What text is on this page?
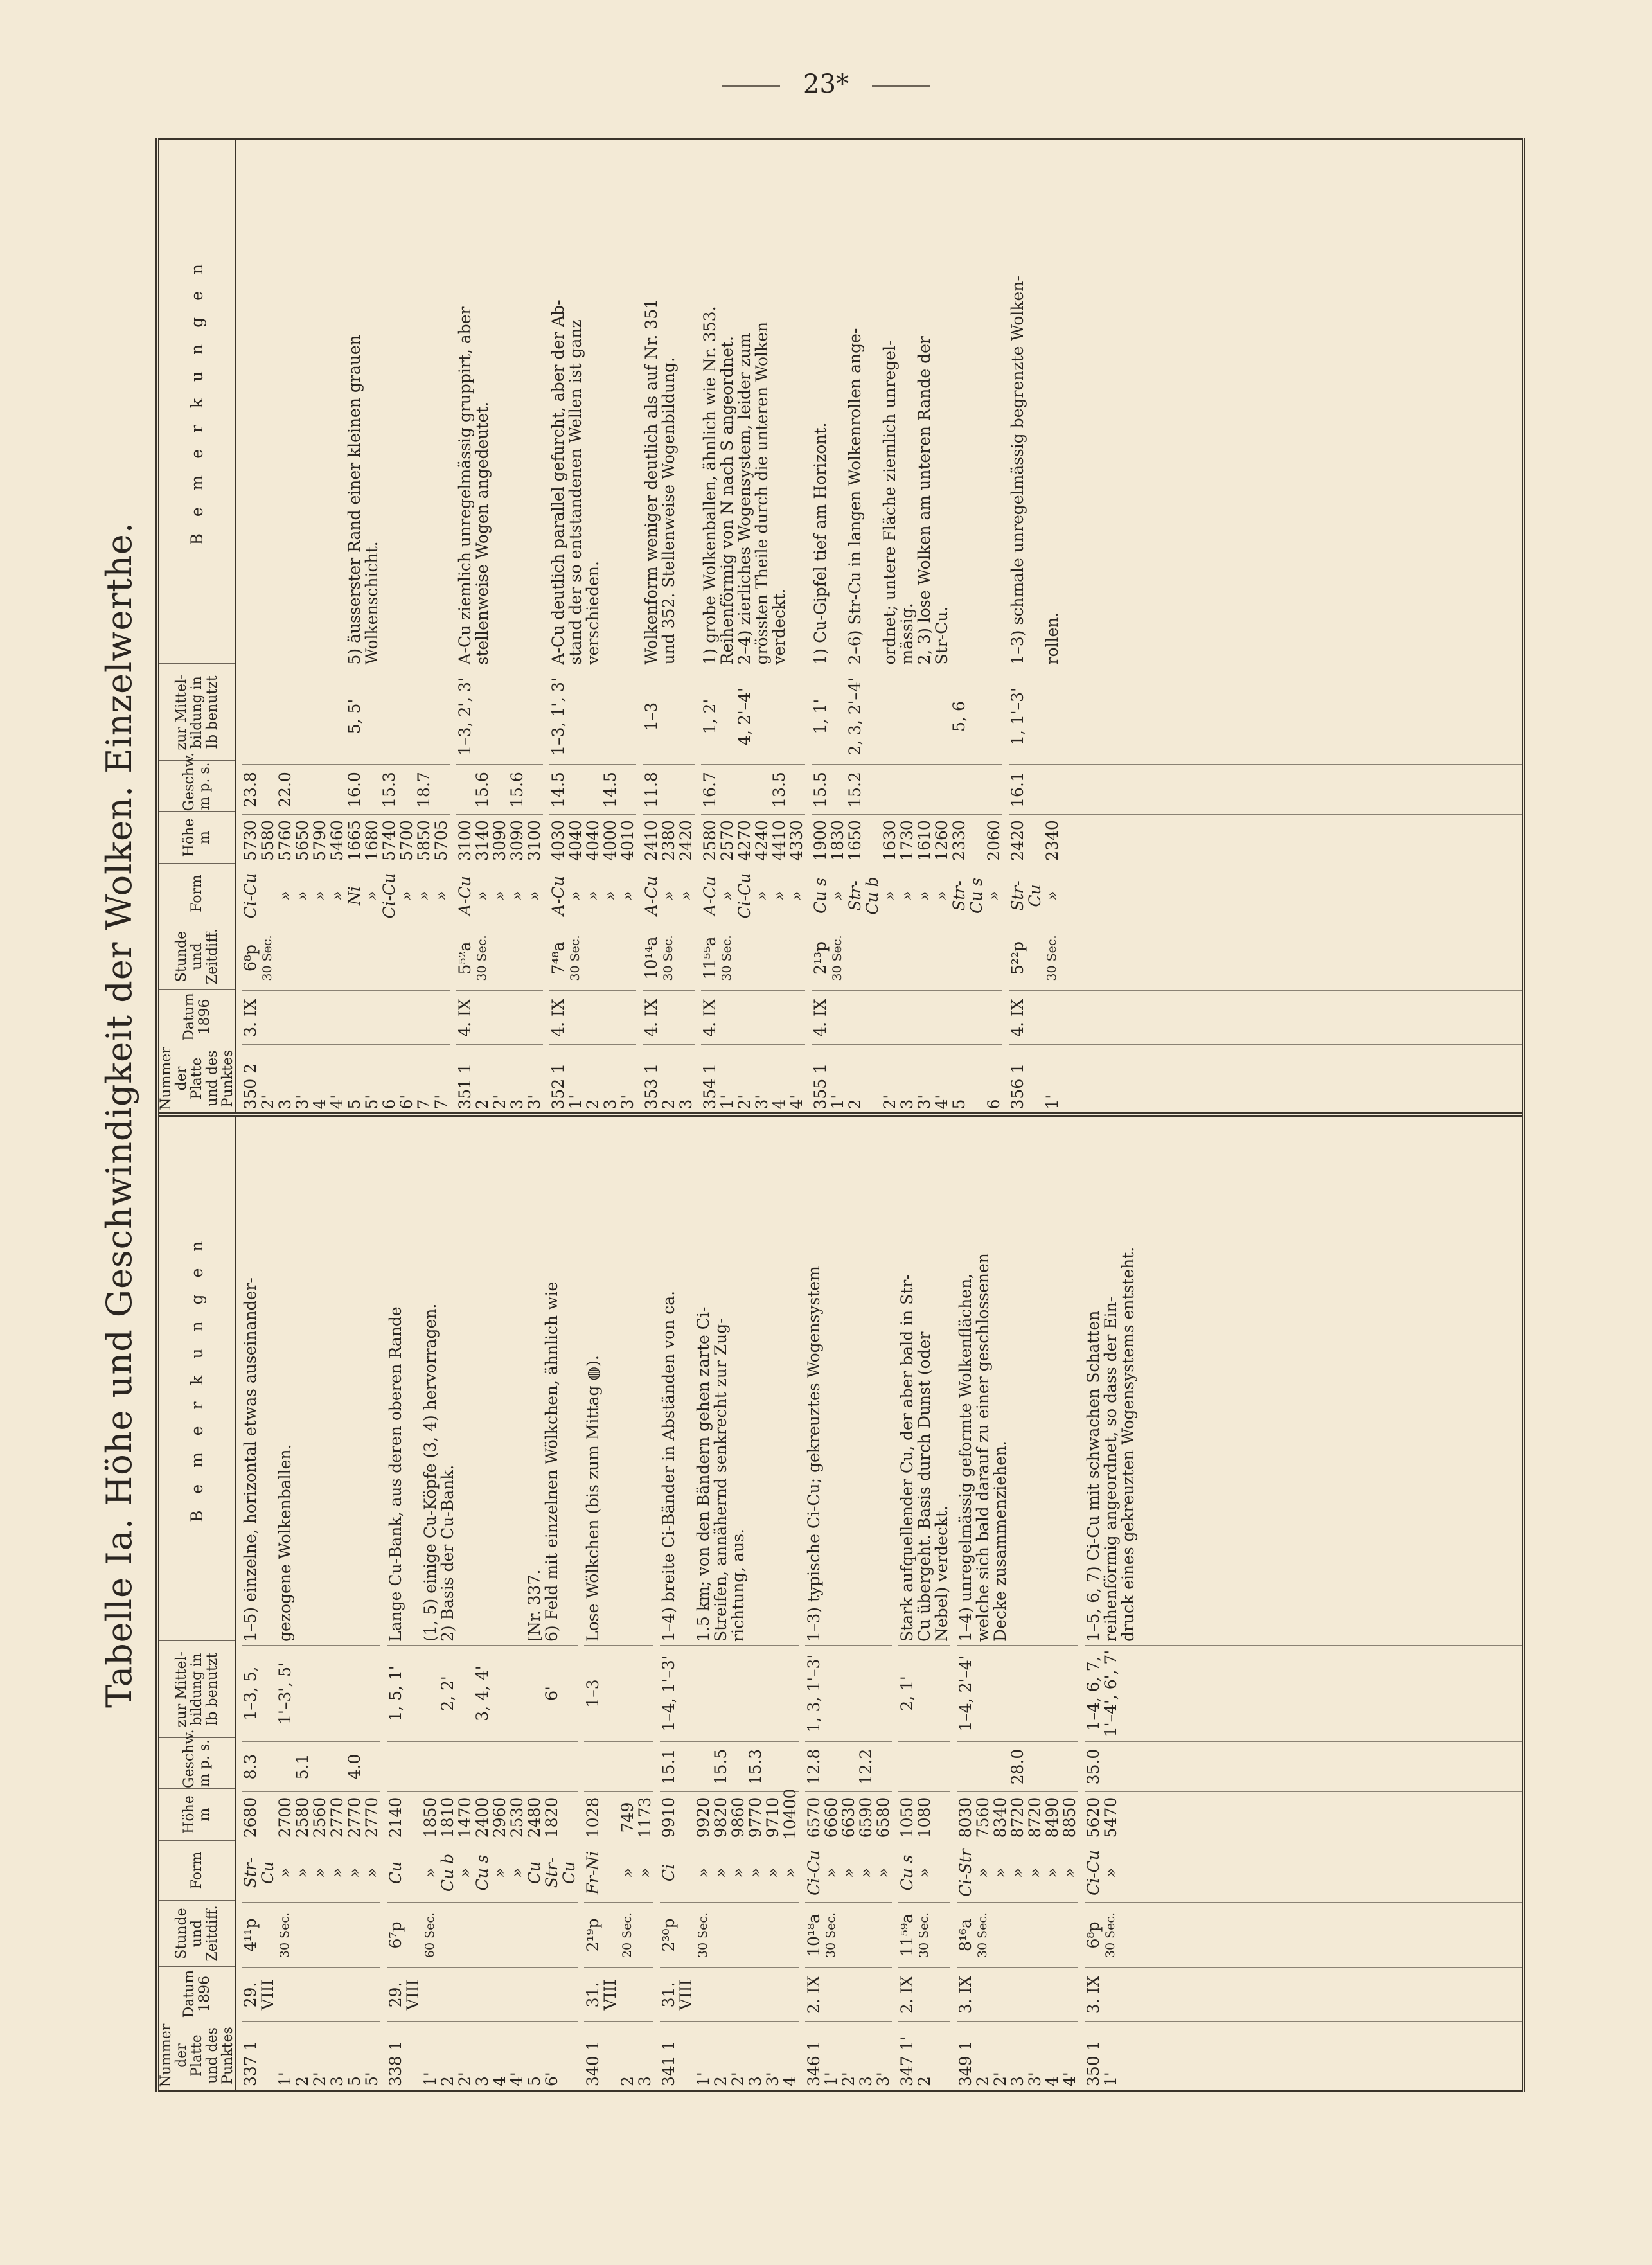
23*
Tabelle Ia. Höhe und Geschwindigkeit der Wolken. Einzelwerthe.
Nummer der Platte und des Punktes
Datum 1896
Stunde und Zeitdiff.
Form
Höhe m
Geschw. m p. s.
zur Mittel- bildung in Ib benutzt
B e m e r k u n g e n
337 1
29. VIII
4¹¹p
Str-Cu
2680
8.3
1–3, 5,
1–5) einzelne, horizontal etwas auseinander-
1'
30 Sec.
»
2700
1'–3', 5'
gezogene Wolkenballen.
2
»
2580
5.1
2'
»
2560
3
»
2770
5
»
2770
4.0
5'
»
2770
338 1
29. VIII
6⁷p
Cu
2140
1, 5, 1'
Lange Cu-Bank, aus deren oberen Rande
1'
60 Sec.
»
1850
(1, 5) einige Cu-Köpfe (3, 4) hervorragen.
2
Cu b
1810
2, 2'
2) Basis der Cu-Bank.
2'
»
1470
3
Cu s
2400
3, 4, 4'
4
»
2960
4'
»
2530
5
Cu
2480
[Nr. 337.
6'
Str-Cu
1820
6'
6) Feld mit einzelnen Wölkchen, ähnlich wie
340 1
31. VIII
2¹⁹p
Fr-Ni
1028
1–3
Lose Wölkchen (bis zum Mittag ◍).
2
20 Sec.
»
749
3
»
1173
341 1
31. VIII
2³⁰p
Ci
9910
15.1
1–4, 1'–3'
1–4) breite Ci-Bänder in Abständen von ca.
1'
30 Sec.
»
9920
1.5 km; von den Bändern gehen zarte Ci-
2
»
9820
15.5
Streifen, annähernd senkrecht zur Zug-
2'
»
9860
richtung, aus.
3
»
9770
15.3
3'
»
9710
4
»
10400
346 1
2. IX
10¹⁸a
Ci-Cu
6570
12.8
1, 3, 1'–3'
1–3) typische Ci-Cu; gekreuztes Wogensystem
1'
30 Sec.
»
6660
2'
»
6630
3
»
6590
12.2
3'
»
6580
347 1'
2. IX
11⁵⁹a
Cu s
1050
2, 1'
Stark aufquellender Cu, der aber bald in Str-
2
30 Sec.
»
1080
Cu übergeht. Basis durch Dunst (oder
Nebel) verdeckt.
349 1
3. IX
8¹⁶a
Ci-Str
8030
1–4, 2'–4'
1–4) unregelmässig geformte Wolkenflächen,
2
30 Sec.
»
7560
welche sich bald darauf zu einer geschlossenen
2'
»
8340
Decke zusammenziehen.
3
»
8720
28.0
3'
»
8720
4
»
8490
4'
»
8850
350 1
3. IX
6⁸p
Ci-Cu
5620
35.0
1–4, 6, 7,
1–5, 6, 7) Ci-Cu mit schwachen Schatten
1'
30 Sec.
»
5470
1'–4', 6', 7'
reihenförmig angeordnet, so dass der Ein-
druck eines gekreuzten Wogensystems entsteht.
Nummer der Platte und des Punktes
Datum 1896
Stunde und Zeitdiff.
Form
Höhe m
Geschw. m p. s.
zur Mittel- bildung in Ib benutzt
B e m e r k u n g e n
350 2
3. IX
6⁸p
Ci-Cu
5730
23.8
2'
30 Sec.
5580
3
»
5760
22.0
3'
»
5650
4
»
5790
4'
»
5460
5
Ni
1665
16.0
5, 5'
5) äusserster Rand einer kleinen grauen
5'
»
1680
Wolkenschicht.
6
Ci-Cu
5740
15.3
6'
»
5700
7
»
5850
18.7
7'
»
5705
351 1
4. IX
5⁵²a
A-Cu
3100
1–3, 2', 3'
A-Cu ziemlich unregelmässig gruppirt, aber
2
30 Sec.
»
3140
15.6
stellenweise Wogen angedeutet.
2'
»
3090
3
»
3090
15.6
3'
»
3100
352 1
4. IX
7⁴⁸a
A-Cu
4030
14.5
1–3, 1', 3'
A-Cu deutlich parallel gefurcht, aber der Ab-
1'
30 Sec.
»
4040
stand der so entstandenen Wellen ist ganz
2
»
4040
verschieden.
3
»
4000
14.5
3'
»
4010
353 1
4. IX
10¹⁴a
A-Cu
2410
11.8
1–3
Wolkenform weniger deutlich als auf Nr. 351
2
30 Sec.
»
2380
und 352. Stellenweise Wogenbildung.
3
»
2420
354 1
4. IX
11⁵⁵a
A-Cu
2580
16.7
1, 2'
1) grobe Wolkenballen, ähnlich wie Nr. 353.
1'
30 Sec.
»
2570
Reihenförmig von N nach S angeordnet.
2'
Ci-Cu
4270
4, 2'–4'
2–4) zierliches Wogensystem, leider zum
3'
»
4240
grössten Theile durch die unteren Wolken
4
»
4410
13.5
verdeckt.
4'
»
4330
355 1
4. IX
2¹³p
Cu s
1900
15.5
1, 1'
1) Cu-Gipfel tief am Horizont.
1'
30 Sec.
»
1830
2
Str-Cu b
1650
15.2
2, 3, 2'–4'
2–6) Str-Cu in langen Wolkenrollen ange-
2'
»
1630
ordnet; untere Fläche ziemlich unregel-
3
»
1730
mässig.
3'
»
1610
2, 3) lose Wolken am unteren Rande der
4'
»
1260
Str-Cu.
5
Str-Cu s
2330
5, 6
6
»
2060
356 1
4. IX
5²²p
Str-Cu
2420
16.1
1, 1'–3'
1–3) schmale unregelmässig begrenzte Wolken-
1'
30 Sec.
»
2340
rollen.
